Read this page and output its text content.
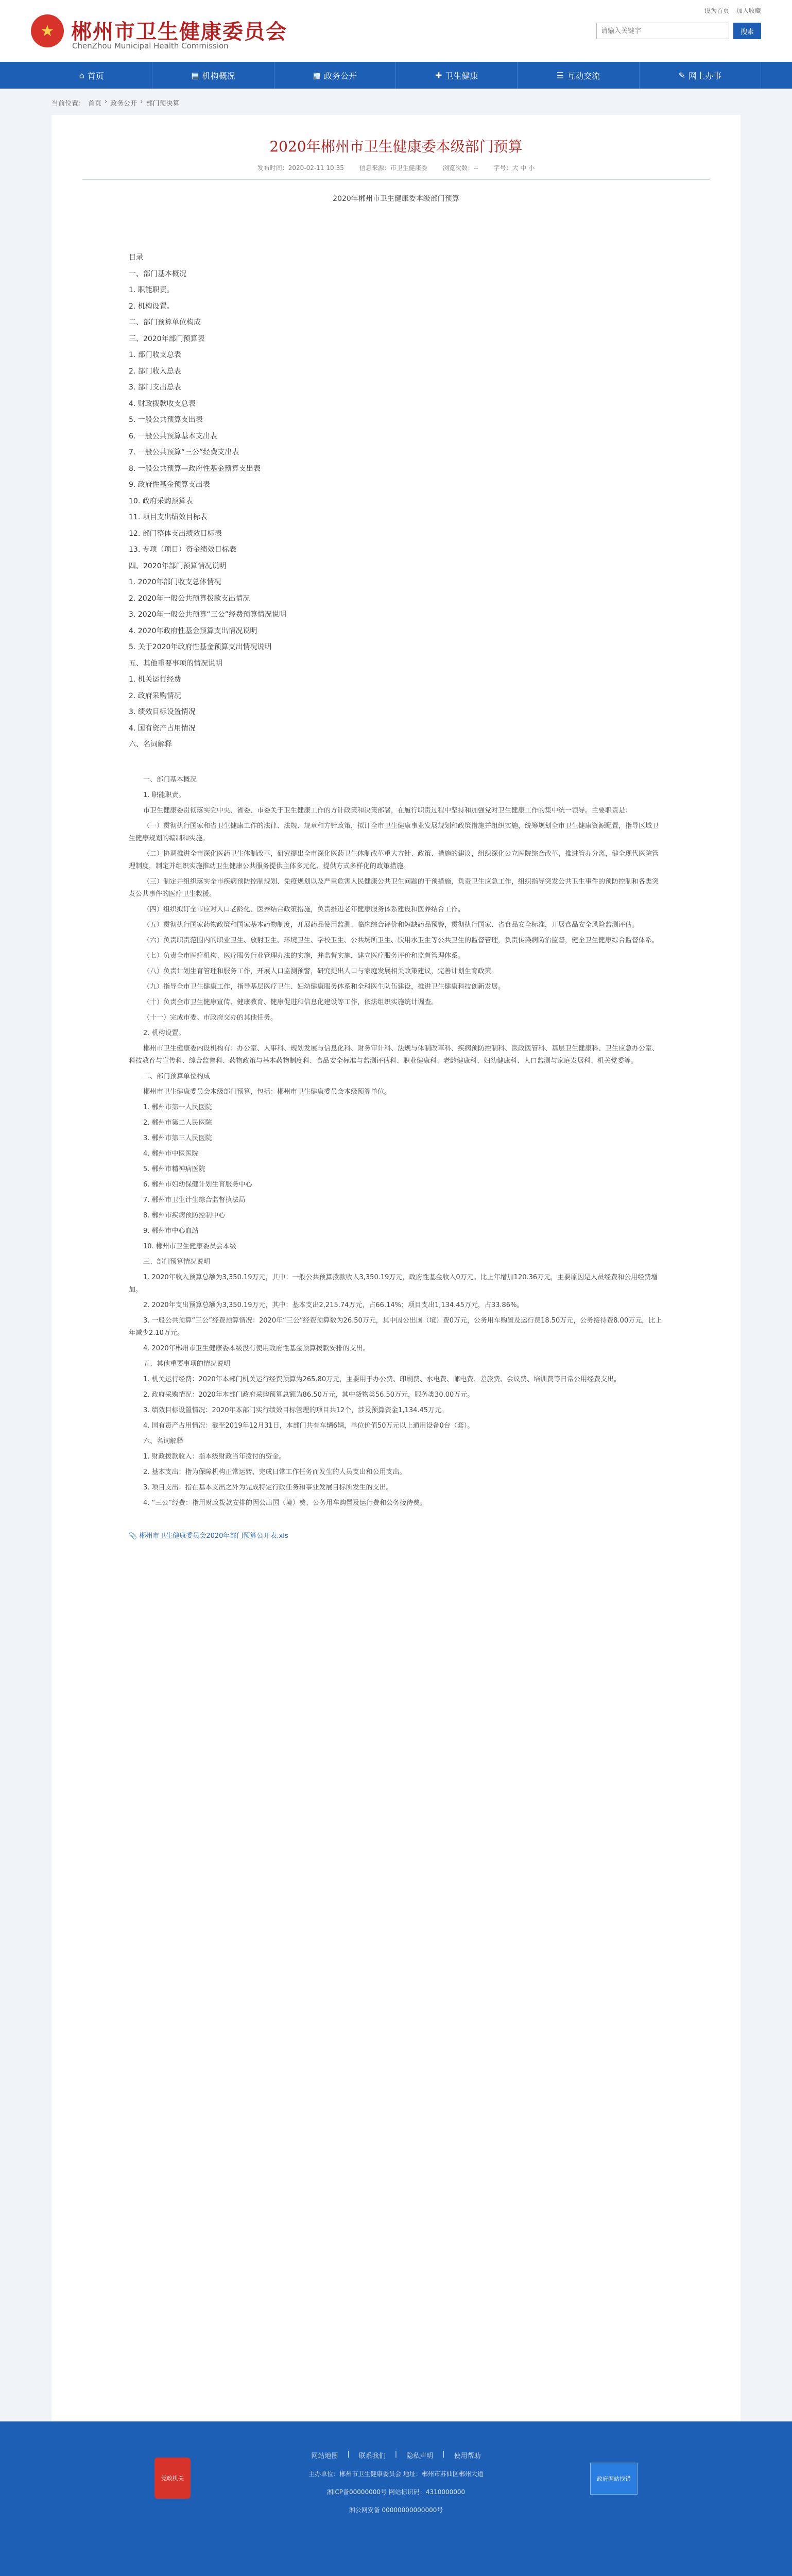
★ 郴州市卫生健康委员会
ChenZhou Municipal Health Commission
设为首页 加入收藏
请输入关键字
搜索
⌂ 首页	▤ 机构概况	▦ 政务公开	✚ 卫生健康	☰ 互动交流	✎ 网上办事
当前位置： 首页 › 政务公开 › 部门预决算
2020年郴州市卫生健康委本级部门预算
发布时间：2020-02-11 10:35	信息来源：市卫生健康委	浏览次数：--	字号：大 中 小
2020年郴州市卫生健康委本级部门预算
目录
一、部门基本概况
1. 职能职责。
2. 机构设置。
二、部门预算单位构成
三、2020年部门预算表
1. 部门收支总表
2. 部门收入总表
3. 部门支出总表
4. 财政拨款收支总表
5. 一般公共预算支出表
6. 一般公共预算基本支出表
7. 一般公共预算“三公”经费支出表
8. 一般公共预算—政府性基金预算支出表
9. 政府性基金预算支出表
10. 政府采购预算表
11. 项目支出绩效目标表
12. 部门整体支出绩效目标表
13. 专项（项目）资金绩效目标表
四、2020年部门预算情况说明
1. 2020年部门收支总体情况
2. 2020年一般公共预算拨款支出情况
3. 2020年一般公共预算“三公”经费预算情况说明
4. 2020年政府性基金预算支出情况说明
5. 关于2020年政府性基金预算支出情况说明
五、其他重要事项的情况说明
1. 机关运行经费
2. 政府采购情况
3. 绩效目标设置情况
4. 国有资产占用情况
六、名词解释
一、部门基本概况
1. 职能职责。
市卫生健康委贯彻落实党中央、省委、市委关于卫生健康工作的方针政策和决策部署，在履行职责过程中坚持和加强党对卫生健康工作的集中统一领导。主要职责是：
（一）贯彻执行国家和省卫生健康工作的法律、法规、规章和方针政策，拟订全市卫生健康事业发展规划和政策措施并组织实施，统筹规划全市卫生健康资源配置，指导区域卫生健康规划的编制和实施。
（二）协调推进全市深化医药卫生体制改革，研究提出全市深化医药卫生体制改革重大方针、政策、措施的建议，组织深化公立医院综合改革，推进管办分离，健全现代医院管理制度，制定并组织实施推动卫生健康公共服务提供主体多元化、提供方式多样化的政策措施。
（三）制定并组织落实全市疾病预防控制规划、免疫规划以及严重危害人民健康公共卫生问题的干预措施，负责卫生应急工作，组织指导突发公共卫生事件的预防控制和各类突发公共事件的医疗卫生救援。
（四）组织拟订全市应对人口老龄化、医养结合政策措施，负责推进老年健康服务体系建设和医养结合工作。
（五）贯彻执行国家药物政策和国家基本药物制度，开展药品使用监测、临床综合评价和短缺药品预警，贯彻执行国家、省食品安全标准，开展食品安全风险监测评估。
（六）负责职责范围内的职业卫生、放射卫生、环境卫生、学校卫生、公共场所卫生、饮用水卫生等公共卫生的监督管理，负责传染病防治监督，健全卫生健康综合监督体系。
（七）负责全市医疗机构、医疗服务行业管理办法的实施，并监督实施，建立医疗服务评价和监督管理体系。
（八）负责计划生育管理和服务工作，开展人口监测预警，研究提出人口与家庭发展相关政策建议，完善计划生育政策。
（九）指导全市卫生健康工作，指导基层医疗卫生、妇幼健康服务体系和全科医生队伍建设，推进卫生健康科技创新发展。
（十）负责全市卫生健康宣传、健康教育、健康促进和信息化建设等工作，依法组织实施统计调查。
（十一）完成市委、市政府交办的其他任务。
2. 机构设置。
郴州市卫生健康委内设机构有：办公室、人事科、规划发展与信息化科、财务审计科、法规与体制改革科、疾病预防控制科、医政医管科、基层卫生健康科、卫生应急办公室、科技教育与宣传科、综合监督科、药物政策与基本药物制度科、食品安全标准与监测评估科、职业健康科、老龄健康科、妇幼健康科、人口监测与家庭发展科、机关党委等。
二、部门预算单位构成
郴州市卫生健康委员会本级部门预算，包括：郴州市卫生健康委员会本级预算单位。
1. 郴州市第一人民医院
2. 郴州市第二人民医院
3. 郴州市第三人民医院
4. 郴州市中医医院
5. 郴州市精神病医院
6. 郴州市妇幼保健计划生育服务中心
7. 郴州市卫生计生综合监督执法局
8. 郴州市疾病预防控制中心
9. 郴州市中心血站
10. 郴州市卫生健康委员会本级
三、部门预算情况说明
1. 2020年收入预算总额为3,350.19万元，其中：一般公共预算拨款收入3,350.19万元，政府性基金收入0万元。比上年增加120.36万元，主要原因是人员经费和公用经费增加。
2. 2020年支出预算总额为3,350.19万元，其中：基本支出2,215.74万元，占66.14%；项目支出1,134.45万元，占33.86%。
3. 一般公共预算“三公”经费预算情况：2020年“三公”经费预算数为26.50万元，其中因公出国（境）费0万元，公务用车购置及运行费18.50万元，公务接待费8.00万元，比上年减少2.10万元。
4. 2020年郴州市卫生健康委本级没有使用政府性基金预算拨款安排的支出。
五、其他重要事项的情况说明
1. 机关运行经费：2020年本部门机关运行经费预算为265.80万元，主要用于办公费、印刷费、水电费、邮电费、差旅费、会议费、培训费等日常公用经费支出。
2. 政府采购情况：2020年本部门政府采购预算总额为86.50万元，其中货物类56.50万元，服务类30.00万元。
3. 绩效目标设置情况：2020年本部门实行绩效目标管理的项目共12个，涉及预算资金1,134.45万元。
4. 国有资产占用情况：截至2019年12月31日，本部门共有车辆6辆，单位价值50万元以上通用设备0台（套）。
六、名词解释
1. 财政拨款收入：指本级财政当年拨付的资金。
2. 基本支出：指为保障机构正常运转、完成日常工作任务而发生的人员支出和公用支出。
3. 项目支出：指在基本支出之外为完成特定行政任务和事业发展目标所发生的支出。
4. “三公”经费：指用财政拨款安排的因公出国（境）费、公务用车购置及运行费和公务接待费。
📎 郴州市卫生健康委员会2020年部门预算公开表.xls
党政机关	政府网站找错
网站地图 | 联系我们 | 隐私声明 | 使用帮助
主办单位：郴州市卫生健康委员会 地址：郴州市苏仙区郴州大道
湘ICP备00000000号 网站标识码：4310000000
湘公网安备 00000000000000号
